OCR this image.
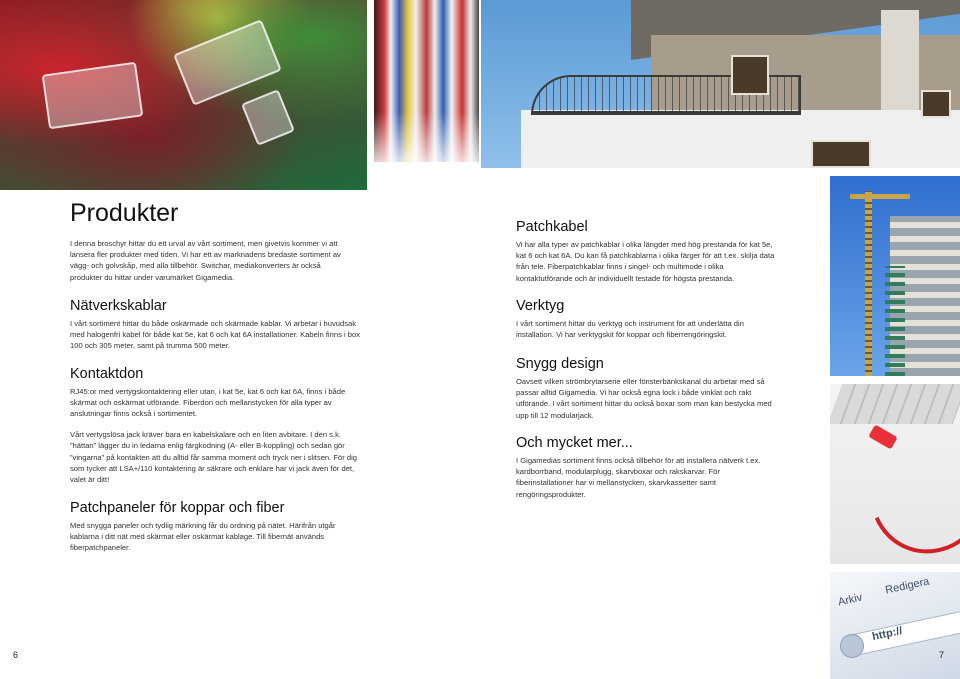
Arkiv
Redigera
http://
Produkter
I denna broschyr hittar du ett urval av vårt sortiment, men givetvis kommer vi att lansera fler produkter med tiden. Vi har ett av marknadens bredaste sortiment av vägg- och golvskåp, med alla tillbehör. Switchar, mediakonverters är också produkter du hittar under varumärket Gigamedia.
Nätverkskablar

I vårt sortiment hittar du både oskärmade och skärmade kablar. Vi arbetar i huvudsak med halogenfri kabel för både kat 5e, kat 6 och kat 6A installationer. Kabeln finns i box 100 och 305 meter, samt på trumma 500 meter.

Kontaktdon

RJ45:or med vertygskontaktering eller utan, i kat 5e, kat 6 och kat 6A, finns i både skärmat och oskärmat utförande. Fiberdon och mellanstycken för alla typer av anslutningar finns också i sortimentet.

Vårt vertygslösa jack kräver bara en kabelskalare och en liten avbitare. I den s.k. ”hättan” lägger du in ledarna enlig färgkodning (A- eller B-koppling) och sedan gör ”vingarna” på kontakten att du alltid får samma moment och tryck ner i slitsen. För dig som tycker att LSA+/110 kontaktering är säkrare och enklare har vi jack även för det, valet är ditt!

Patchpaneler för koppar och fiber

Med snygga paneler och tydlig märkning får du ordning på nätet. Härifrån utgår kablarna i ditt nät med skärmat eller oskärmat kablage. Till fibernät används fiberpatchpaneler.

6
Patchkabel

Vi har alla typer av patchkablar i olika längder med hög prestanda för kat 5e, kat 6 och kat 6A. Du kan få patchkablarna i olika färger för att t.ex. skilja data från tele. Fiberpatchkablar finns i singel- och multimode i olika kontaktutförande och är individuellt testade för högsta prestanda.

Verktyg

I vårt sortiment hittar du verktyg och instrument för att underlätta din installation. Vi har verktygskit för koppar och fiberrengöringskit.

Snygg design

Oavsett vilken strömbrytarserie eller fönsterbänkskanal du arbetar med så passar alltid Gigamedia. Vi har också egna lock i både vinklat och rakt utförande. I vårt sortiment hittar du också boxar som man kan bestycka med upp till 12 modularjack.

Och mycket mer...

I Gigamedias sortiment finns också tillbehör för att installera nätverk t.ex. kardborrband, modularplugg, skarvboxar och rakskarvar. För fiberinstallationer har vi mellanstycken, skarvkassetter samt rengöringsprodukter.

7
